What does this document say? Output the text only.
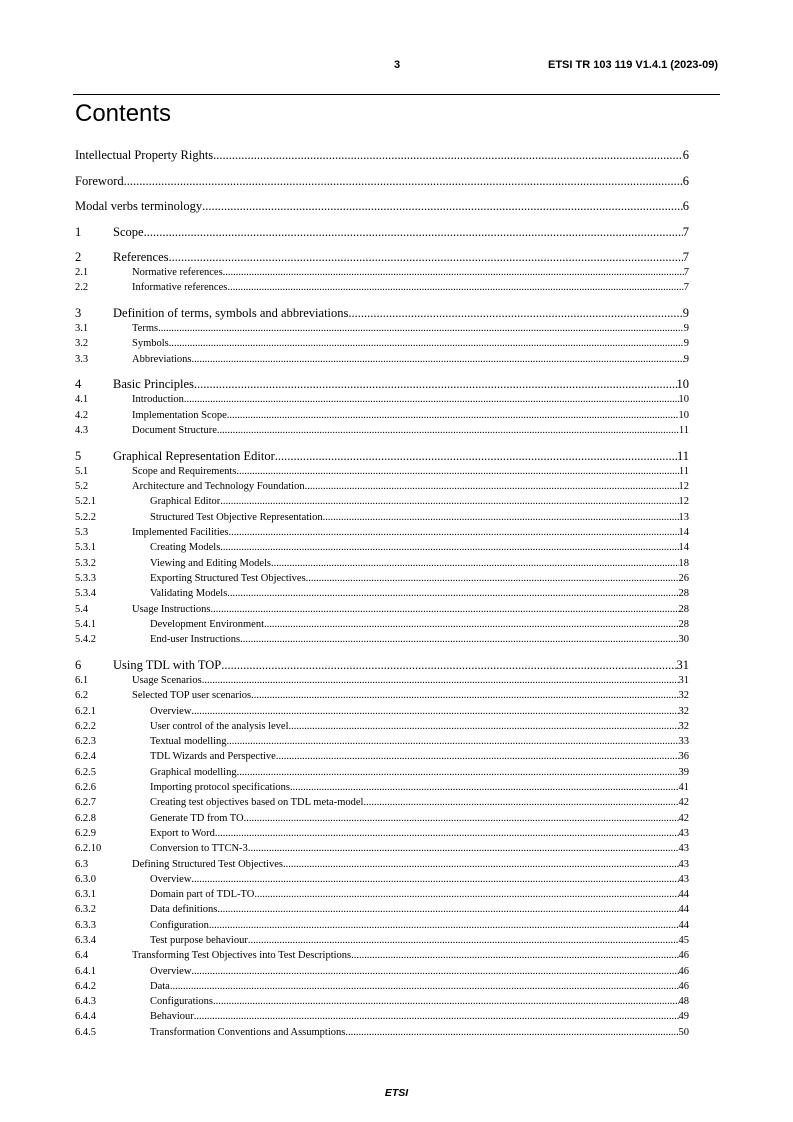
3	ETSI TR 103 119 V1.4.1 (2023-09)
Contents
Intellectual Property Rights .....	6
Foreword .....	6
Modal verbs terminology .....	6
1	Scope .....	7
2	References .....	7
2.1	Normative references .....	7
2.2	Informative references .....	7
3	Definition of terms, symbols and abbreviations .....	9
3.1	Terms .....	9
3.2	Symbols .....	9
3.3	Abbreviations .....	9
4	Basic Principles .....	10
4.1	Introduction .....	10
4.2	Implementation Scope .....	10
4.3	Document Structure .....	11
5	Graphical Representation Editor .....	11
5.1	Scope and Requirements .....	11
5.2	Architecture and Technology Foundation .....	12
5.2.1	Graphical Editor .....	12
5.2.2	Structured Test Objective Representation .....	13
5.3	Implemented Facilities .....	14
5.3.1	Creating Models .....	14
5.3.2	Viewing and Editing Models .....	18
5.3.3	Exporting Structured Test Objectives .....	26
5.3.4	Validating Models .....	28
5.4	Usage Instructions .....	28
5.4.1	Development Environment .....	28
5.4.2	End-user Instructions .....	30
6	Using TDL with TOP .....	31
6.1	Usage Scenarios .....	31
6.2	Selected TOP user scenarios .....	32
6.2.1	Overview .....	32
6.2.2	User control of the analysis level .....	32
6.2.3	Textual modelling .....	33
6.2.4	TDL Wizards and Perspective .....	36
6.2.5	Graphical modelling .....	39
6.2.6	Importing protocol specifications .....	41
6.2.7	Creating test objectives based on TDL meta-model .....	42
6.2.8	Generate TD from TO .....	42
6.2.9	Export to Word .....	43
6.2.10	Conversion to TTCN-3 .....	43
6.3	Defining Structured Test Objectives .....	43
6.3.0	Overview .....	43
6.3.1	Domain part of TDL-TO .....	44
6.3.2	Data definitions .....	44
6.3.3	Configuration .....	44
6.3.4	Test purpose behaviour .....	45
6.4	Transforming Test Objectives into Test Descriptions .....	46
6.4.1	Overview .....	46
6.4.2	Data .....	46
6.4.3	Configurations .....	48
6.4.4	Behaviour .....	49
6.4.5	Transformation Conventions and Assumptions .....	50
ETSI
